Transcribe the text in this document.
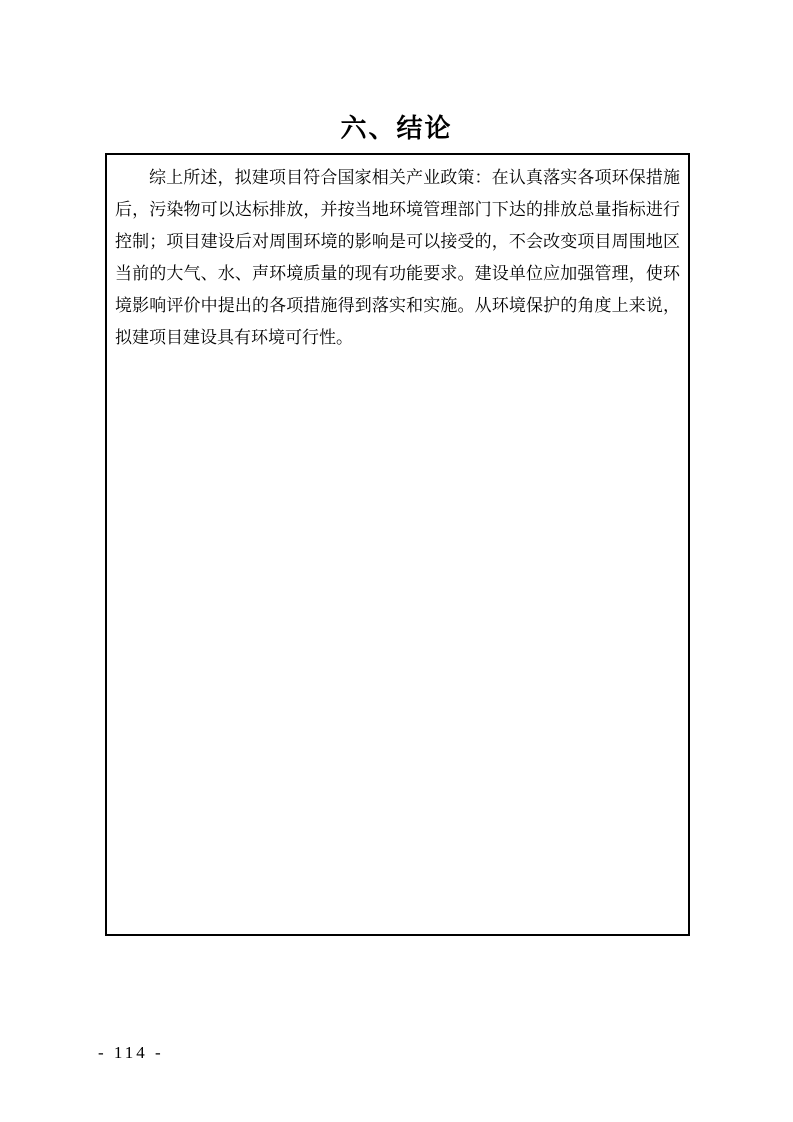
六、结论

综上所述，拟建项目符合国家相关产业政策：在认真落实各项环保措施后，污染物可以达标排放，并按当地环境管理部门下达的排放总量指标进行控制；项目建设后对周围环境的影响是可以接受的，不会改变项目周围地区当前的大气、水、声环境质量的现有功能要求。建设单位应加强管理，使环境影响评价中提出的各项措施得到落实和实施。从环境保护的角度上来说，拟建项目建设具有环境可行性。

- 114 -
